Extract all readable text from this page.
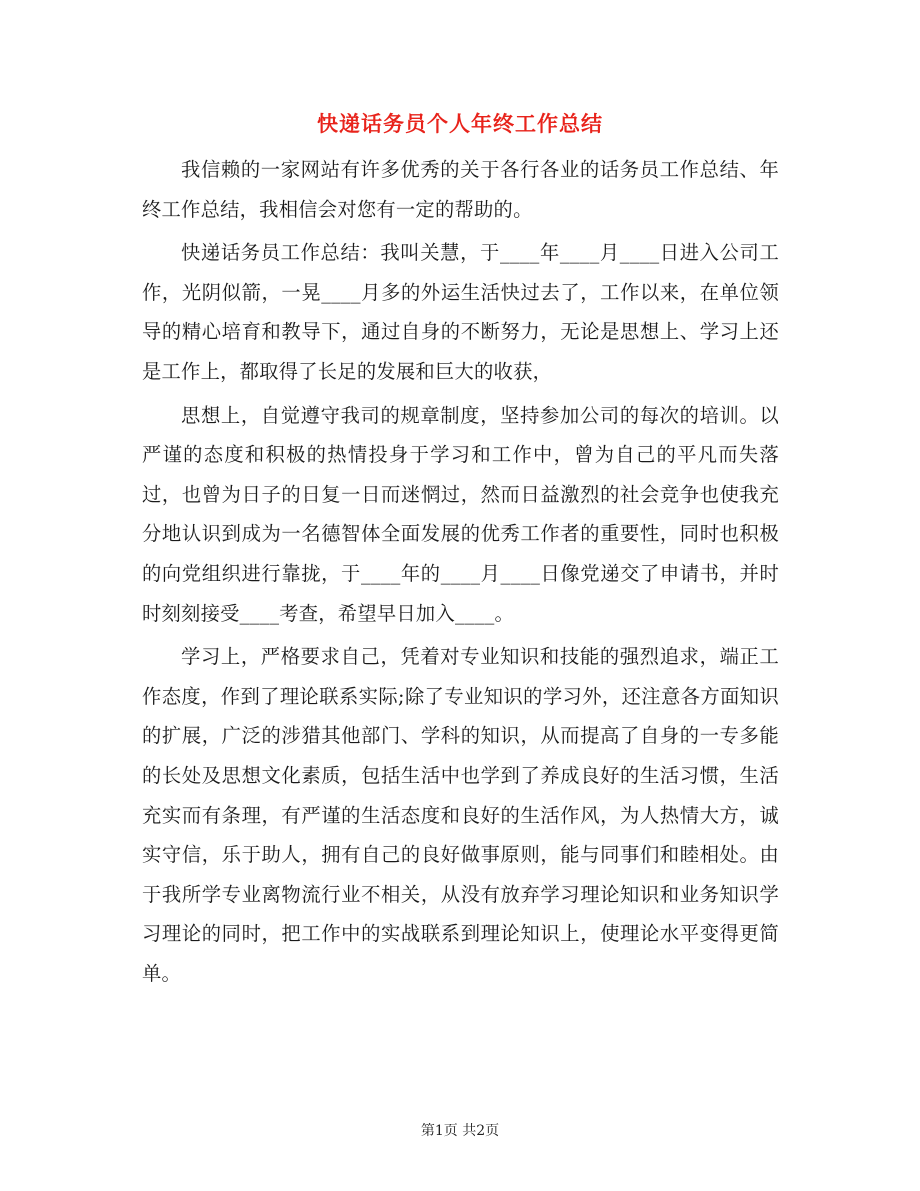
快递话务员个人年终工作总结

我信赖的一家网站有许多优秀的关于各行各业的话务员工作总结、年终工作总结，我相信会对您有一定的帮助的。

快递话务员工作总结：我叫关慧，于____年____月____日进入公司工作，光阴似箭，一晃____月多的外运生活快过去了，工作以来，在单位领导的精心培育和教导下，通过自身的不断努力，无论是思想上、学习上还是工作上，都取得了长足的发展和巨大的收获，

思想上，自觉遵守我司的规章制度，坚持参加公司的每次的培训。以严谨的态度和积极的热情投身于学习和工作中，曾为自己的平凡而失落过，也曾为日子的日复一日而迷惘过，然而日益激烈的社会竞争也使我充分地认识到成为一名德智体全面发展的优秀工作者的重要性，同时也积极的向党组织进行靠拢，于____年的____月____日像党递交了申请书，并时时刻刻接受____考查，希望早日加入____。

学习上，严格要求自己，凭着对专业知识和技能的强烈追求，端正工作态度，作到了理论联系实际;除了专业知识的学习外，还注意各方面知识的扩展，广泛的涉猎其他部门、学科的知识，从而提高了自身的一专多能的长处及思想文化素质，包括生活中也学到了养成良好的生活习惯，生活充实而有条理，有严谨的生活态度和良好的生活作风，为人热情大方，诚实守信，乐于助人，拥有自己的良好做事原则，能与同事们和睦相处。由于我所学专业离物流行业不相关，从没有放弃学习理论知识和业务知识学习理论的同时，把工作中的实战联系到理论知识上，使理论水平变得更简单。

第1页 共2页
